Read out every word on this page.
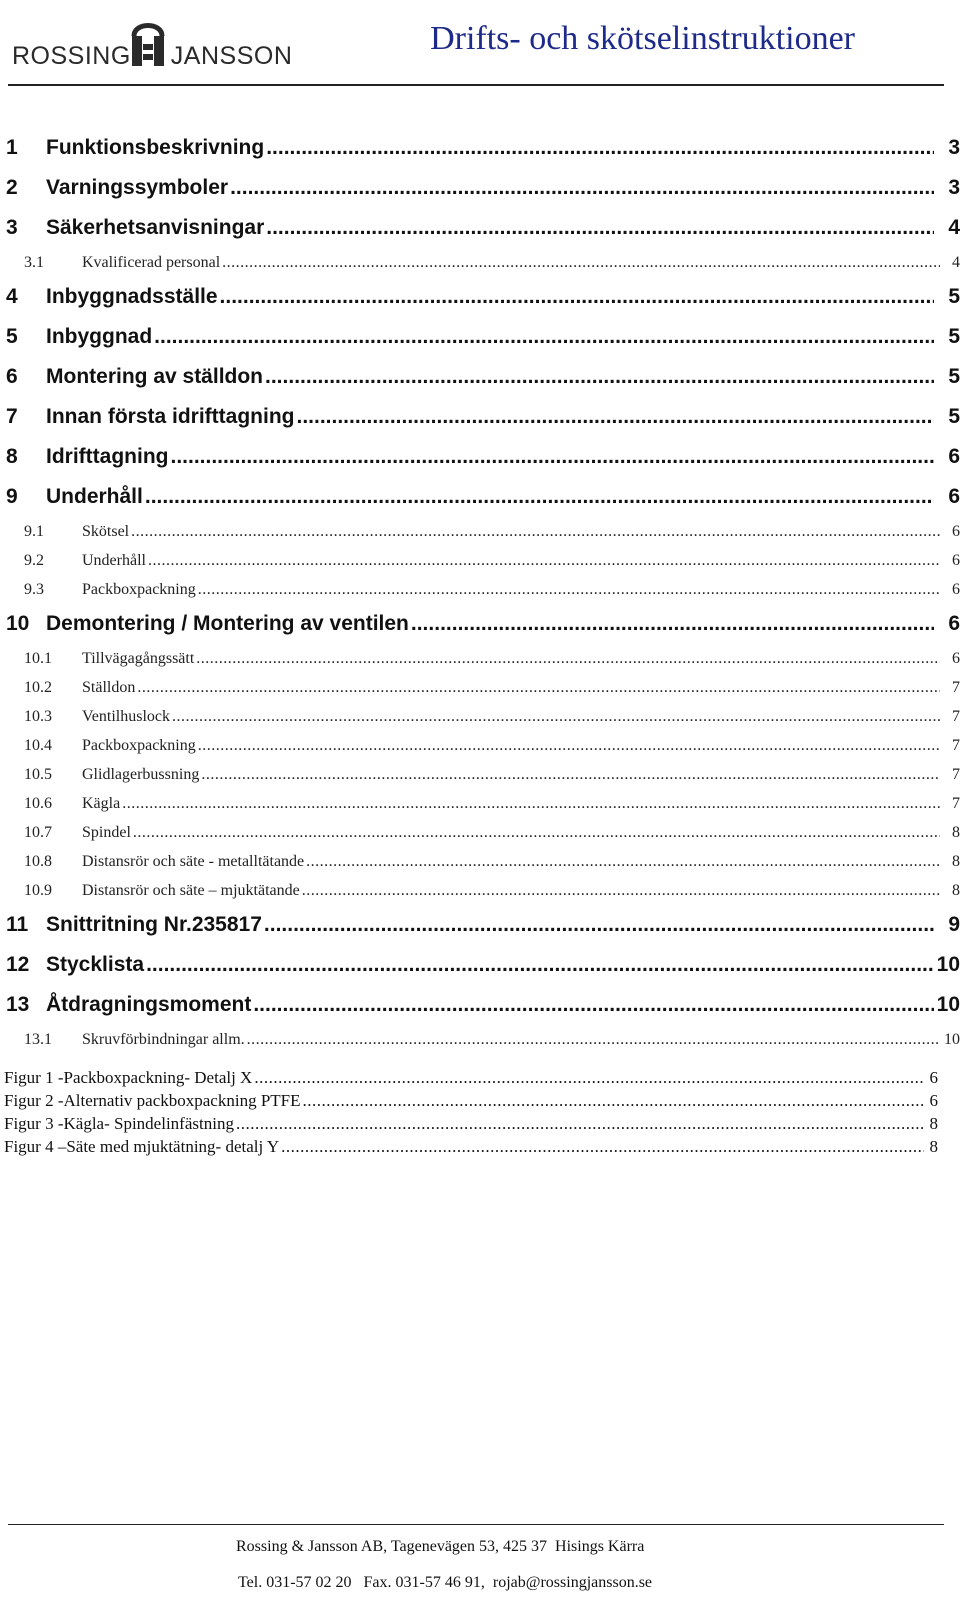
ROSSING JANSSON	Drifts- och skötselinstruktioner
1	Funktionsbeskrivning .....	3
2	Varningssymboler .....	3
3	Säkerhetsanvisningar .....	4
3.1	Kvalificerad personal .....	4
4	Inbyggnadsställe .....	5
5	Inbyggnad .....	5
6	Montering av ställdon .....	5
7	Innan första idrifttagning .....	5
8	Idrifttagning .....	6
9	Underhåll .....	6
9.1	Skötsel .....	6
9.2	Underhåll .....	6
9.3	Packboxpackning .....	6
10 Demontering / Montering av ventilen .....	6
10.1	Tillvägagångssätt .....	6
10.2	Ställdon .....	7
10.3	Ventilhuslock .....	7
10.4	Packboxpackning .....	7
10.5	Glidlagerbussning .....	7
10.6	Kägla .....	7
10.7	Spindel .....	8
10.8	Distansrör och säte - metalltätande .....	8
10.9	Distansrör och säte – mjuktätande .....	8
11 Snittritning Nr.235817 .....	9
12 Stycklista .....	10
13 Åtdragningsmoment .....	10
13.1	Skruvförbindningar allm. .....	10
Figur 1 -Packboxpackning- Detalj X .....	6
Figur 2 -Alternativ packboxpackning PTFE .....	6
Figur 3 -Kägla- Spindelinfästning .....	8
Figur 4 –Säte med mjuktätning- detalj Y .....	8
Rossing & Jansson AB, Tagenevägen 53, 425 37  Hisings Kärra
Tel. 031-57 02 20   Fax. 031-57 46 91,  rojab@rossingjansson.se
